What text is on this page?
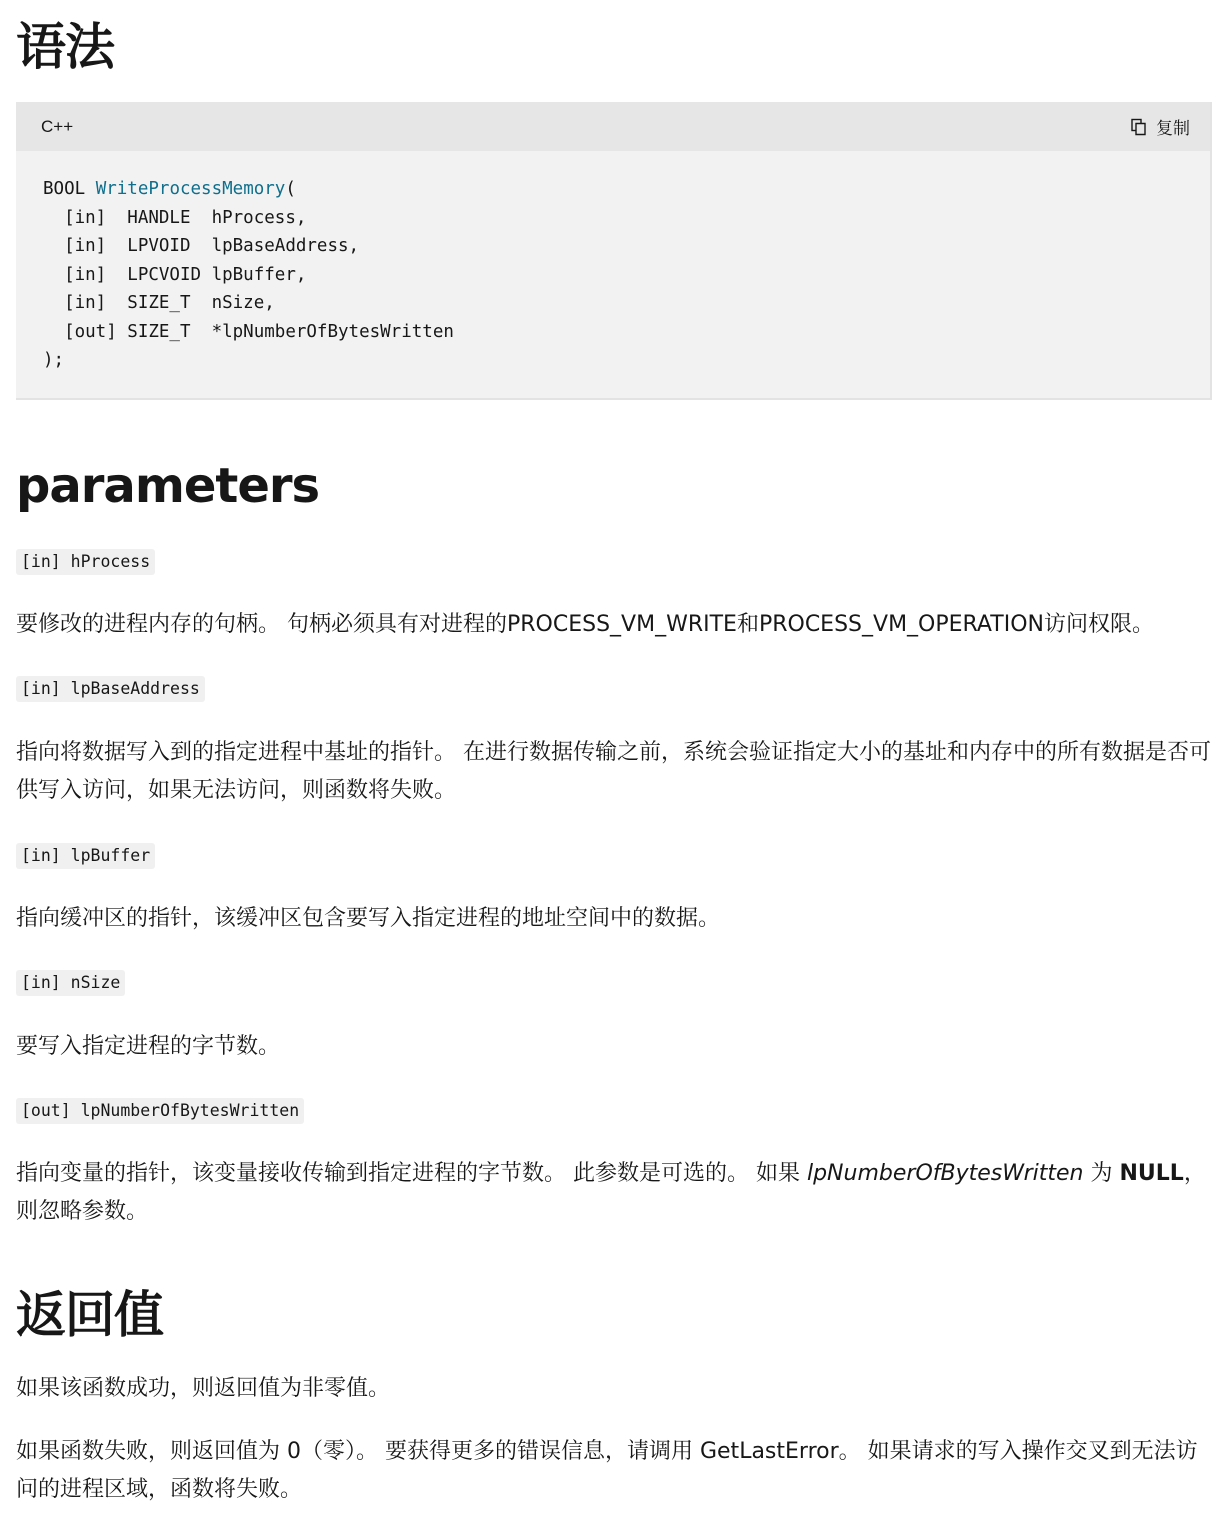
语法
C++	复制
BOOL WriteProcessMemory(
[in]  HANDLE  hProcess,
[in]  LPVOID  lpBaseAddress,
[in]  LPCVOID lpBuffer,
[in]  SIZE_T  nSize,
[out] SIZE_T  *lpNumberOfBytesWritten
);
parameters
[in] hProcess
要修改的进程内存的句柄。 句柄必须具有对进程的PROCESS_VM_WRITE和PROCESS_VM_OPERATION访问权限。
[in] lpBaseAddress
指向将数据写入到的指定进程中基址的指针。 在进行数据传输之前，系统会验证指定大小的基址和内存中的所有数据是否可供写入访问，如果无法访问，则函数将失败。
[in] lpBuffer
指向缓冲区的指针，该缓冲区包含要写入指定进程的地址空间中的数据。
[in] nSize
要写入指定进程的字节数。
[out] lpNumberOfBytesWritten
指向变量的指针，该变量接收传输到指定进程的字节数。 此参数是可选的。 如果 lpNumberOfBytesWritten 为 NULL，则忽略参数。
返回值
如果该函数成功，则返回值为非零值。
如果函数失败，则返回值为 0（零）。 要获得更多的错误信息，请调用 GetLastError。 如果请求的写入操作交叉到无法访问的进程区域，函数将失败。
